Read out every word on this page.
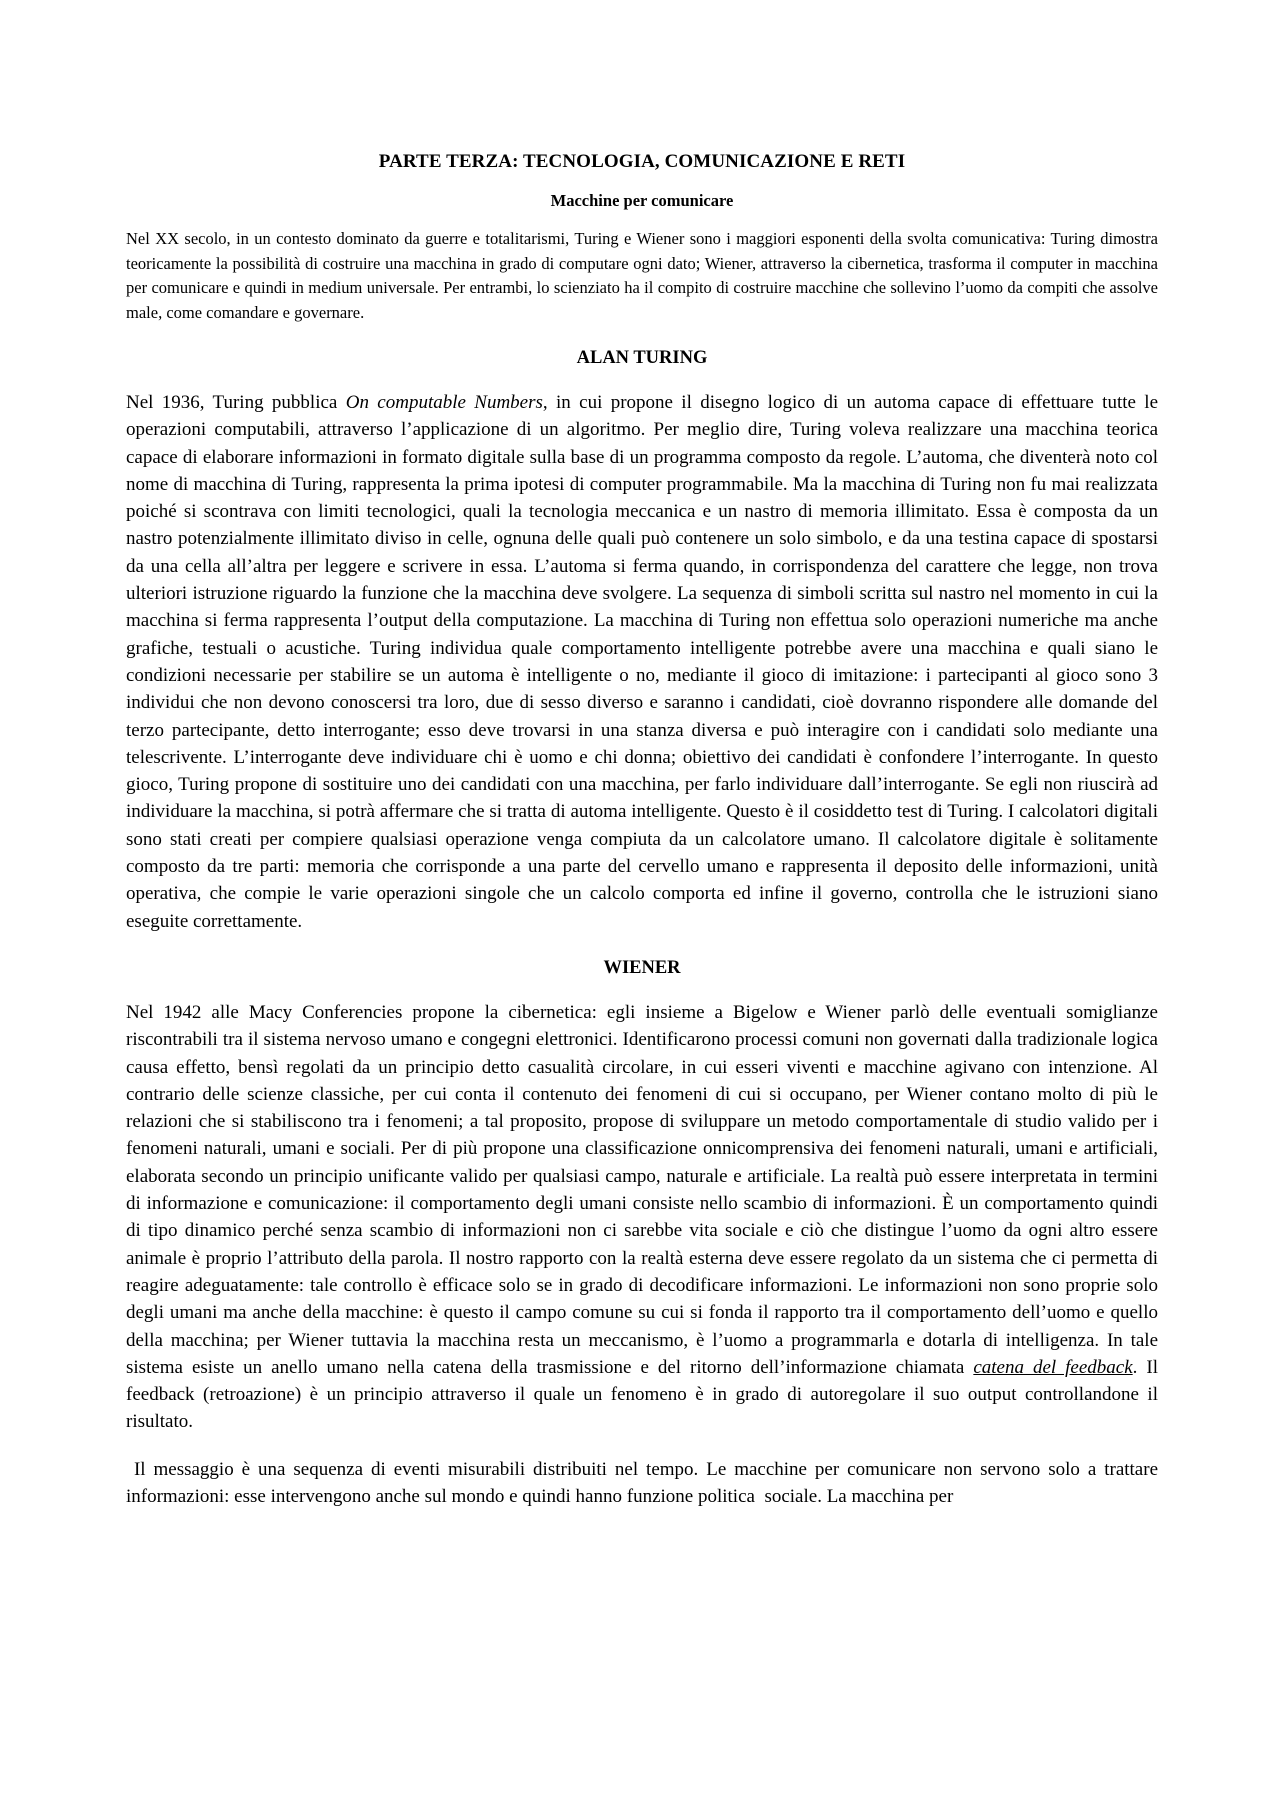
PARTE TERZA: TECNOLOGIA, COMUNICAZIONE E RETI
Macchine per comunicare

Nel XX secolo, in un contesto dominato da guerre e totalitarismi, Turing e Wiener sono i maggiori esponenti della svolta comunicativa: Turing dimostra teoricamente la possibilità di costruire una macchina in grado di computare ogni dato; Wiener, attraverso la cibernetica, trasforma il computer in macchina per comunicare e quindi in medium universale. Per entrambi, lo scienziato ha il compito di costruire macchine che sollevino l’uomo da compiti che assolve male, come comandare e governare.

ALAN TURING

Nel 1936, Turing pubblica On computable Numbers, in cui propone il disegno logico di un automa capace di effettuare tutte le operazioni computabili, attraverso l’applicazione di un algoritmo. Per meglio dire, Turing voleva realizzare una macchina teorica capace di elaborare informazioni in formato digitale sulla base di un programma composto da regole. L’automa, che diventerà noto col nome di macchina di Turing, rappresenta la prima ipotesi di computer programmabile. Ma la macchina di Turing non fu mai realizzata poiché si scontrava con limiti tecnologici, quali la tecnologia meccanica e un nastro di memoria illimitato. Essa è composta da un nastro potenzialmente illimitato diviso in celle, ognuna delle quali può contenere un solo simbolo, e da una testina capace di spostarsi da una cella all’altra per leggere e scrivere in essa. L’automa si ferma quando, in corrispondenza del carattere che legge, non trova ulteriori istruzione riguardo la funzione che la macchina deve svolgere. La sequenza di simboli scritta sul nastro nel momento in cui la macchina si ferma rappresenta l’output della computazione. La macchina di Turing non effettua solo operazioni numeriche ma anche grafiche, testuali o acustiche. Turing individua quale comportamento intelligente potrebbe avere una macchina e quali siano le condizioni necessarie per stabilire se un automa è intelligente o no, mediante il gioco di imitazione: i partecipanti al gioco sono 3 individui che non devono conoscersi tra loro, due di sesso diverso e saranno i candidati, cioè dovranno rispondere alle domande del terzo partecipante, detto interrogante; esso deve trovarsi in una stanza diversa e può interagire con i candidati solo mediante una telescrivente. L’interrogante deve individuare chi è uomo e chi donna; obiettivo dei candidati è confondere l’interrogante. In questo gioco, Turing propone di sostituire uno dei candidati con una macchina, per farlo individuare dall’interrogante. Se egli non riuscirà ad individuare la macchina, si potrà affermare che si tratta di automa intelligente. Questo è il cosiddetto test di Turing. I calcolatori digitali sono stati creati per compiere qualsiasi operazione venga compiuta da un calcolatore umano. Il calcolatore digitale è solitamente composto da tre parti: memoria che corrisponde a una parte del cervello umano e rappresenta il deposito delle informazioni, unità operativa, che compie le varie operazioni singole che un calcolo comporta ed infine il governo, controlla che le istruzioni siano eseguite correttamente.

WIENER

Nel 1942 alle Macy Conferencies propone la cibernetica: egli insieme a Bigelow e Wiener parlò delle eventuali somiglianze riscontrabili tra il sistema nervoso umano e congegni elettronici. Identificarono processi comuni non governati dalla tradizionale logica causa effetto, bensì regolati da un principio detto casualità circolare, in cui esseri viventi e macchine agivano con intenzione. Al contrario delle scienze classiche, per cui conta il contenuto dei fenomeni di cui si occupano, per Wiener contano molto di più le relazioni che si stabiliscono tra i fenomeni; a tal proposito, propose di sviluppare un metodo comportamentale di studio valido per i fenomeni naturali, umani e sociali. Per di più propone una classificazione onnicomprensiva dei fenomeni naturali, umani e artificiali, elaborata secondo un principio unificante valido per qualsiasi campo, naturale e artificiale. La realtà può essere interpretata in termini di informazione e comunicazione: il comportamento degli umani consiste nello scambio di informazioni. È un comportamento quindi di tipo dinamico perché senza scambio di informazioni non ci sarebbe vita sociale e ciò che distingue l’uomo da ogni altro essere animale è proprio l’attributo della parola. Il nostro rapporto con la realtà esterna deve essere regolato da un sistema che ci permetta di reagire adeguatamente: tale controllo è efficace solo se in grado di decodificare informazioni. Le informazioni non sono proprie solo degli umani ma anche della macchine: è questo il campo comune su cui si fonda il rapporto tra il comportamento dell’uomo e quello della macchina; per Wiener tuttavia la macchina resta un meccanismo, è l’uomo a programmarla e dotarla di intelligenza. In tale sistema esiste un anello umano nella catena della trasmissione e del ritorno dell’informazione chiamata catena del feedback. Il feedback (retroazione) è un principio attraverso il quale un fenomeno è in grado di autoregolare il suo output controllandone il risultato.

Il messaggio è una sequenza di eventi misurabili distribuiti nel tempo. Le macchine per comunicare non servono solo a trattare informazioni: esse intervengono anche sul mondo e quindi hanno funzione politica  sociale. La macchina per
